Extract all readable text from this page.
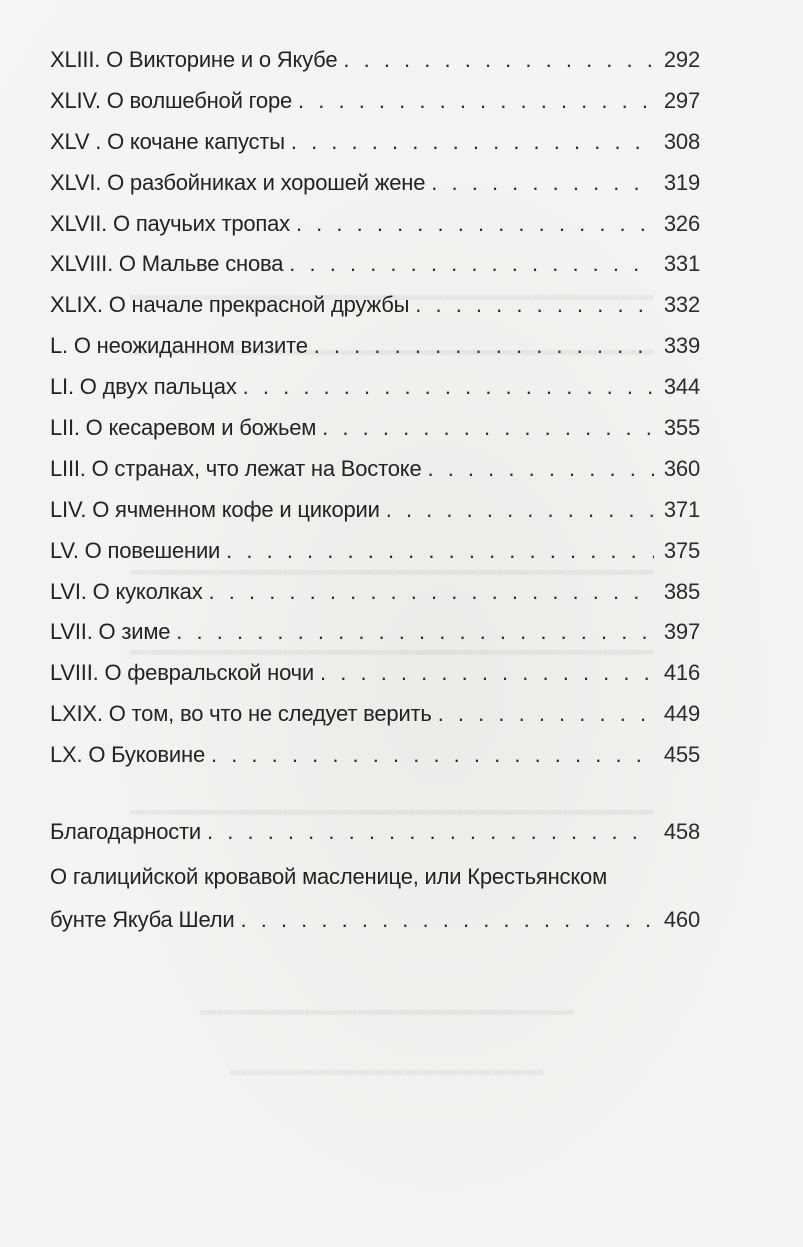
XLIII. О Викторине и о Якубе . . .	292
XLIV. О волшебной горе . . .	297
XLV . О кочане капусты . . .	308
XLVI. О разбойниках и хорошей жене . . .	319
XLVII. О паучьих тропах . . .	326
XLVIII. О Мальве снова . . .	331
XLIX. О начале прекрасной дружбы . . .	332
L. О неожиданном визите . . .	339
LI. О двух пальцах . . .	344
LII. О кесаревом и божьем . . .	355
LIII. О странах, что лежат на Востоке . . .	360
LIV. О ячменном кофе и цикории . . .	371
LV. О повешении . . .	375
LVI. О куколках . . .	385
LVII. О зиме . . .	397
LVIII. О февральской ночи . . .	416
LXIX. О том, во что не следует верить . . .	449
LX. О Буковине . . .	455
Благодарности . . .	458
О галицийской кровавой масленице, или Крестьянском
бунте Якуба Шели . . .	460
